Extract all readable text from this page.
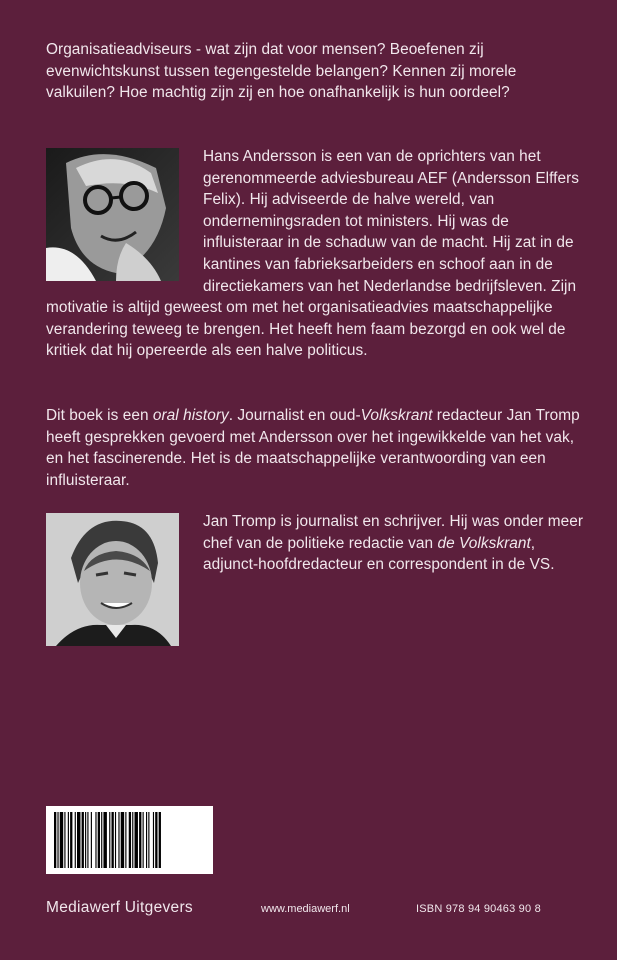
Organisatieadviseurs - wat zijn dat voor mensen? Beoefenen zij evenwichtskunst tussen tegengestelde belangen? Kennen zij morele valkuilen? Hoe machtig zijn zij en hoe onafhankelijk is hun oordeel?
Hans Andersson is een van de oprichters van het gerenommeerde adviesbureau AEF (Andersson Elffers Felix). Hij adviseerde de halve wereld, van ondernemingsraden tot ministers. Hij was de influisteraar in de schaduw van de macht. Hij zat in de kantines van fabrieksarbeiders en schoof aan in de directiekamers van het Nederlandse bedrijfsleven. Zijn motivatie is altijd geweest om met het organisatieadvies maatschappelijke verandering teweeg te brengen. Het heeft hem faam bezorgd en ook wel de kritiek dat hij opereerde als een halve politicus.
Dit boek is een oral history. Journalist en oud-Volkskrant redacteur Jan Tromp heeft gesprekken gevoerd met Andersson over het ingewikkelde van het vak, en het fascinerende. Het is de maatschappelijke verantwoording van een influisteraar.
Jan Tromp is journalist en schrijver. Hij was onder meer chef van de politieke redactie van de Volkskrant, adjunct-hoofdredacteur en correspondent in de VS.
Mediawerf Uitgevers	www.mediawerf.nl	ISBN 978 94 90463 90 8
